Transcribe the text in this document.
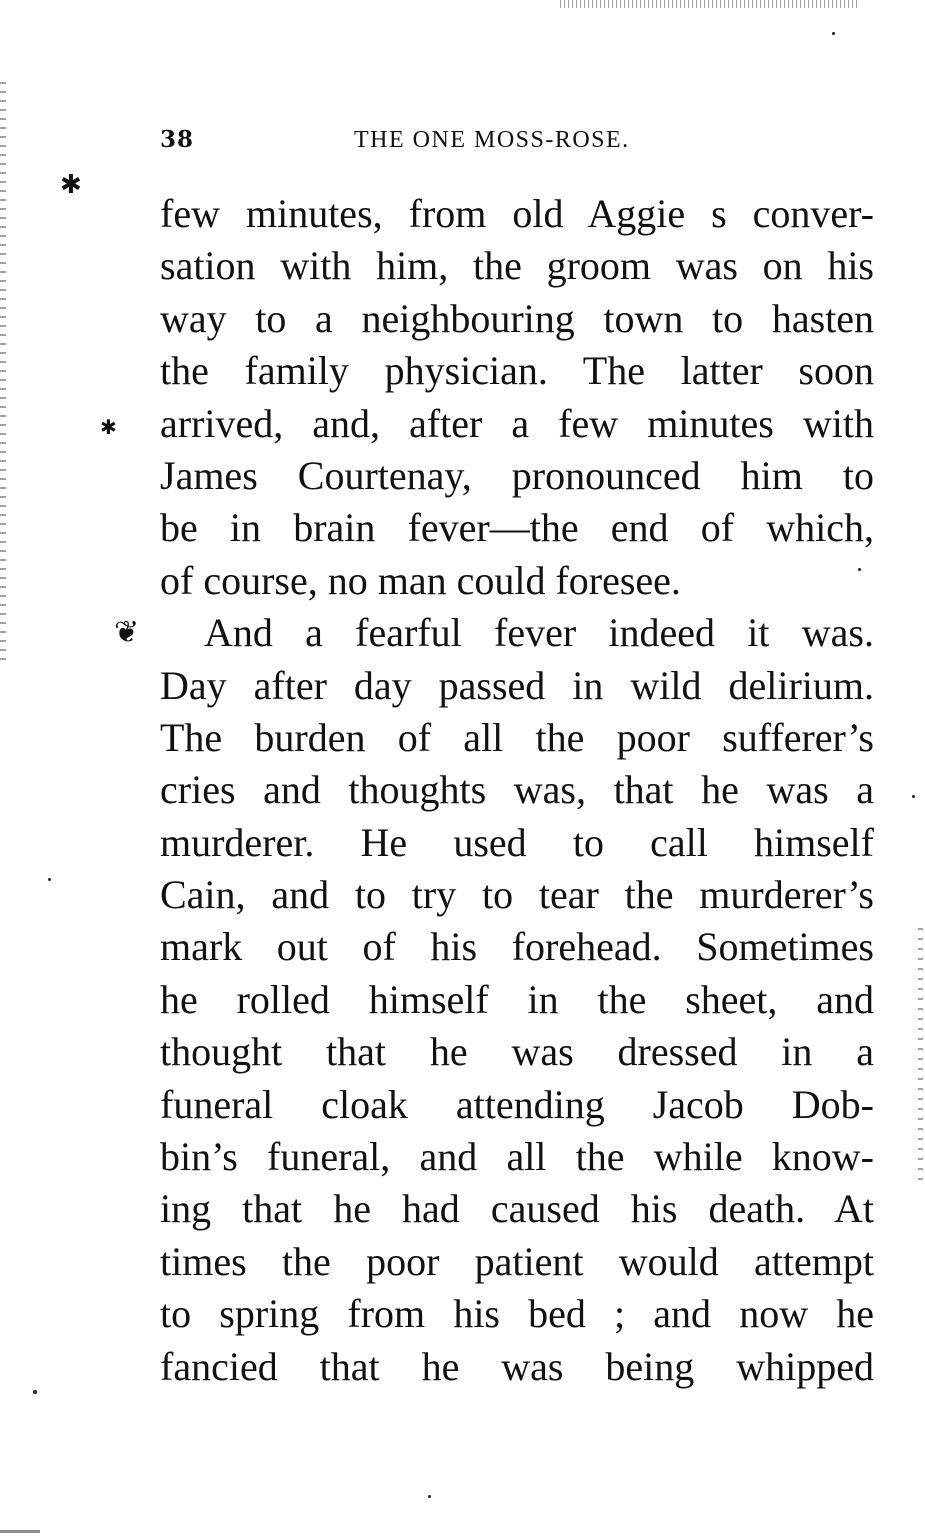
✱
✱
❦
38	THE ONE MOSS-ROSE.
few minutes, from old Aggie s conver-
sation with him, the groom was on his
way to a neighbouring town to hasten
the family physician. The latter soon
arrived, and, after a few minutes with
James Courtenay, pronounced him to
be in brain fever—the end of which,
of course, no man could foresee.
And a fearful fever indeed it was.
Day after day passed in wild delirium.
The burden of all the poor sufferer’s
cries and thoughts was, that he was a
murderer. He used to call himself
Cain, and to try to tear the murderer’s
mark out of his forehead. Sometimes
he rolled himself in the sheet, and
thought that he was dressed in a
funeral cloak attending Jacob Dob-
bin’s funeral, and all the while know-
ing that he had caused his death. At
times the poor patient would attempt
to spring from his bed ; and now he
fancied that he was being whipped
